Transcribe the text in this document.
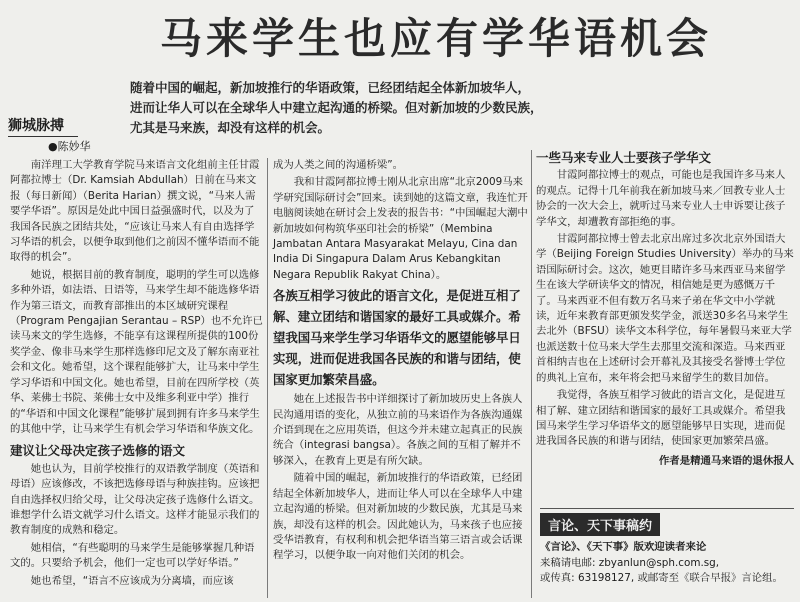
马来学生也应有学华语机会

随着中国的崛起，新加坡推行的华语政策，已经团结起全体新加坡华人，

进而让华人可以在全球华人中建立起沟通的桥梁。但对新加坡的少数民族，

尤其是马来族，却没有这样的机会。

狮城脉搏
●陈妙华

南洋理工大学教育学院马来语言文化组前主任甘霞阿都拉博士（Dr. Kamsiah Abdullah）日前在马来文报（每日新闻）（Berita Harian）撰文说，“马来人需要学华语”。原因是处此中国日益强盛时代，以及为了我国各民族之团结共处，“应该让马来人有自由选择学习华语的机会，以便争取到他们之前因不懂华语而不能取得的机会”。

她说，根据目前的教育制度，聪明的学生可以选修多种外语，如法语、日语等，马来学生却不能选修华语作为第三语文，而教育部推出的本区域研究课程（Program Pengajian Serantau – RSP）也不允许已读马来文的学生选修，不能享有这课程所提供的100份奖学金、像非马来学生那样选修印尼文及了解东南亚社会和文化。她希望，这个课程能够扩大，让马来中学生学习华语和中国文化。她也希望，目前在四所学校（英华、莱佛士书院、莱佛士女中及维多利亚中学）推行的“华语和中国文化课程”能够扩展到拥有许多马来学生的其他中学，让马来学生有机会学习华语和华族文化。

建议让父母决定孩子选修的语文

她也认为，目前学校推行的双语教学制度（英语和母语）应该修改，不该把选修母语与种族挂钩。应该把自由选择权归给父母，让父母决定孩子选修什么语文。谁想学什么语文就学习什么语文。这样才能显示我们的教育制度的成熟和稳定。

她相信，“有些聪明的马来学生是能够掌握几种语文的。只要给予机会，他们一定也可以学好华语。”

她也希望，“语言不应该成为分离墙，而应该

成为人类之间的沟通桥梁”。

我和甘霞阿都拉博士刚从北京出席“北京2009马来学研究国际研讨会”回来。读到她的这篇文章，我连忙开电脑阅读她在研讨会上发表的报告书：“中国崛起大潮中新加坡如何构筑华巫印社会的桥梁”（Membina Jambatan Antara Masyarakat Melayu, Cina dan India Di Singapura Dalam Arus Kebangkitan Negara Republik Rakyat China）。

各族互相学习彼此的语言文化，是促进互相了解、建立团结和谐国家的最好工具或媒介。希望我国马来学生学习华语华文的愿望能够早日实现，进而促进我国各民族的和谐与团结，使国家更加繁荣昌盛。

她在上述报告书中详细探讨了新加坡历史上各族人民沟通用语的变化，从独立前的马来语作为各族沟通媒介语到现在之应用英语，但这今并未建立起真正的民族统合（integrasi bangsa）。各族之间的互相了解并不够深入，在教育上更是有所欠缺。

随着中国的崛起，新加坡推行的华语政策，已经团结起全体新加坡华人，进而让华人可以在全球华人中建立起沟通的桥梁。但对新加坡的少数民族，尤其是马来族，却没有这样的机会。因此她认为，马来孩子也应接受华语教育，有权利和机会把华语当第三语言或会话课程学习，以便争取一向对他们关闭的机会。

一些马来专业人士要孩子学华文

甘霞阿都拉博士的观点，可能也是我国许多马来人的观点。记得十几年前我在新加坡马来／回教专业人士协会的一次大会上，就听过马来专业人士申诉要让孩子学华文，却遭教育部拒绝的事。

甘霞阿都拉博士曾去北京出席过多次北京外国语大学（Beijing Foreign Studies University）举办的马来语国际研讨会。这次，她更目睹许多马来西亚马来留学生在该大学研读华文的情况，相信她是更为感慨万千了。马来西亚不但有数万名马来子弟在华文中小学就读，近年来教育部更颁发奖学金，派送30多名马来学生去北外（BFSU）读华文本科学位，每年暑假马来亚大学也派送数十位马来大学生去那里交流和深造。马来西亚首相纳吉也在上述研讨会开幕礼及其接受名誉博士学位的典礼上宣布，来年将会把马来留学生的数目加倍。

我觉得，各族互相学习彼此的语言文化，是促进互相了解、建立团结和谐国家的最好工具或媒介。希望我国马来学生学习华语华文的愿望能够早日实现，进而促进我国各民族的和谐与团结，使国家更加繁荣昌盛。

作者是精通马来语的退休报人
言论、天下事稿约

《言论》、《天下事》版欢迎读者来论

来稿请电邮: zbyanlun@sph.com.sg,

或传真: 63198127, 或邮寄至《联合早报》言论组。
